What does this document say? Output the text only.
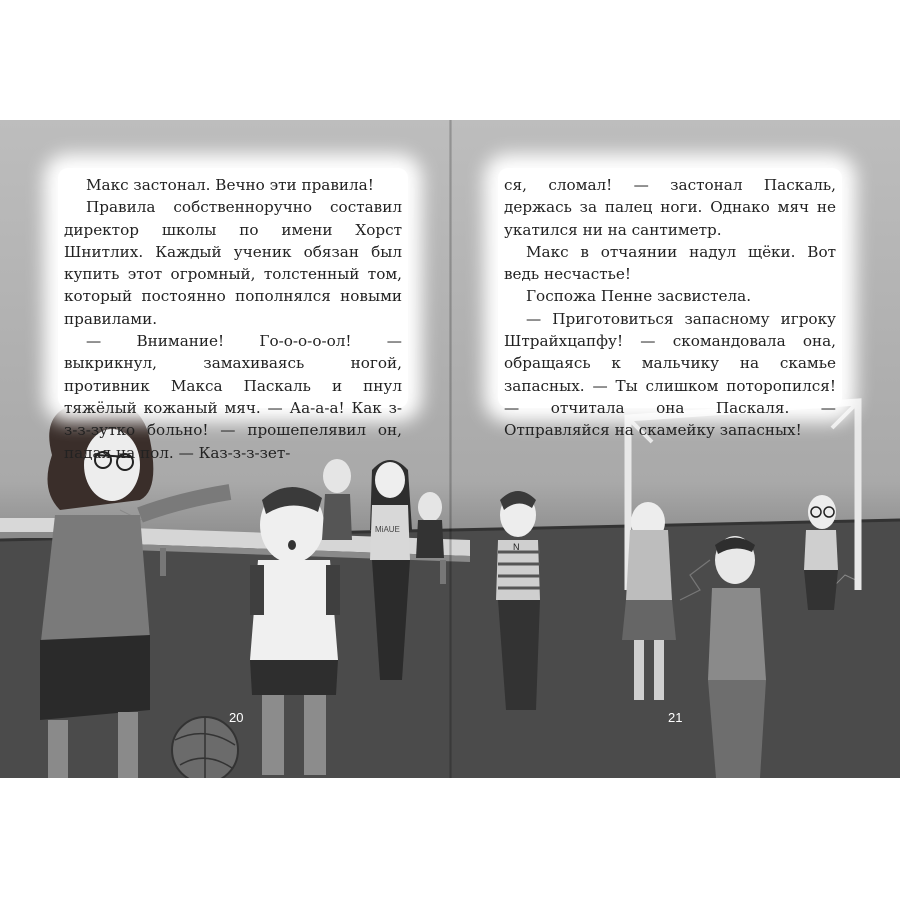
MiAUE
N

Макс застонал. Вечно эти правила!

Правила собственноручно составил директор школы по имени Хорст Шнитлих. Каждый ученик обязан был купить этот огромный, толстенный том, который постоянно пополнялся новыми правилами.

— Внимание! Го-о-о-о-ол! — выкрикнул, замахиваясь ногой, противник Макса Паскаль и пнул тяжёлый кожаный мяч. — Аа-а-а! Как з-з-з-зутко больно! — прошепелявил он, падая на пол. — Каз-з-з-зет-

ся, сломал! — застонал Паскаль, держась за палец ноги. Однако мяч не укатился ни на сантиметр.

Макс в отчаянии надул щёки. Вот ведь несчастье!

Госпожа Пенне засвистела.

— Приготовиться запасному игроку Штрайхцапфу! — скомандовала она, обращаясь к мальчику на скамье запасных. — Ты слишком поторопился! — отчитала она Паскаля. — Отправляйся на скамейку запасных!

20	21
